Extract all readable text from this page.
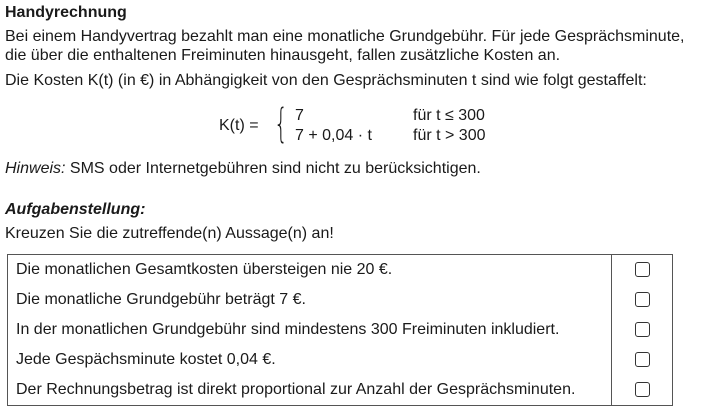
Handyrechnung
Bei einem Handyvertrag bezahlt man eine monatliche Grundgebühr. Für jede Gesprächsminute,
die über die enthaltenen Freiminuten hinausgeht, fallen zusätzliche Kosten an.
Die Kosten K(t) (in €) in Abhängigkeit von den Gesprächsminuten t sind wie folgt gestaffelt:
K(t) = { 7	für t ≤ 300
7 + 0,04 · t	für t > 300
Hinweis: SMS oder Internetgebühren sind nicht zu berücksichtigen.
Aufgabenstellung:
Kreuzen Sie die zutreffende(n) Aussage(n) an!
Die monatlichen Gesamtkosten übersteigen nie 20 €.	
Die monatliche Grundgebühr beträgt 7 €.	
In der monatlichen Grundgebühr sind mindestens 300 Freiminuten inkludiert.	
Jede Gespächsminute kostet 0,04 €.	
Der Rechnungsbetrag ist direkt proportional zur Anzahl der Gesprächsminuten.	
